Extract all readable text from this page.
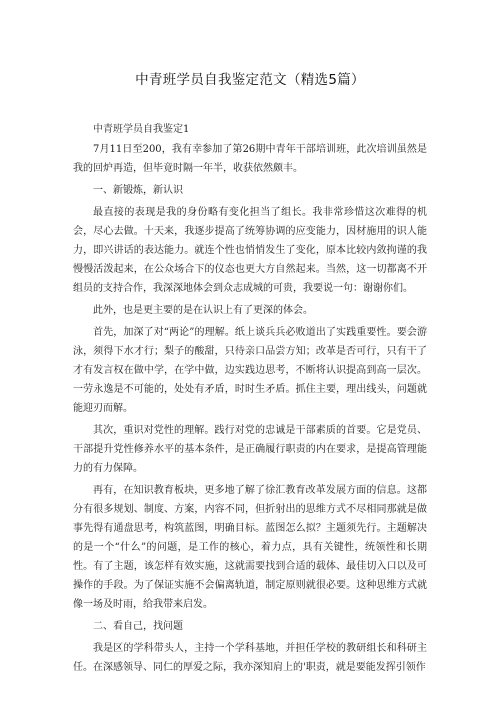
中青班学员自我鉴定范文（精选5篇）

中青班学员自我鉴定1

7月11日至200，我有幸参加了第26期中青年干部培训班，此次培训虽然是我的回炉再造，但毕竟时隔一年半，收获依然颇丰。

一、新锻炼，新认识

最直接的表现是我的身份略有变化担当了组长。我非常珍惜这次难得的机会，尽心去做。十天来，我逐步提高了统筹协调的应变能力，因材施用的识人能力，即兴讲话的表达能力。就连个性也悄悄发生了变化，原本比较内敛拘谨的我慢慢活泼起来，在公众场合下的仪态也更大方自然起来。当然，这一切都离不开组员的支持合作，我深深地体会到众志成城的可贵，我要说一句：谢谢你们。

此外，也是更主要的是在认识上有了更深的体会。

首先，加深了对“两论”的理解。纸上谈兵兵必败道出了实践重要性。要会游泳，须得下水才行；梨子的酸甜，只待亲口品尝方知；改革是否可行，只有干了才有发言权在做中学，在学中做，边实践边思考，不断将认识提高到高一层次。一劳永逸是不可能的，处处有矛盾，时时生矛盾。抓住主要，理出线头，问题就能迎刃而解。

其次，重识对党性的理解。践行对党的忠诚是干部素质的首要。它是党员、干部提升党性修养水平的基本条件，是正确履行职责的内在要求，是提高管理能力的有力保障。

再有，在知识教育板块，更多地了解了徐汇教育改革发展方面的信息。这都分有很多规划、制度、方案，内容不同，但折射出的思维方式不尽相同那就是做事先得有通盘思考，构筑蓝图，明确目标。蓝图怎么拟？主题须先行。主题解决的是一个“什么”的问题，是工作的核心，着力点，具有关键性，统领性和长期性。有了主题，该怎样有效实施，这就需要找到合适的载体、最佳切入口以及可操作的手段。为了保证实施不会偏离轨道，制定原则就很必要。这种思维方式就像一场及时雨，给我带来启发。

二、看自己，找问题

我是区的学科带头人，主持一个学科基地，并担任学校的教研组长和科研主任。在深感领导、同仁的厚爱之际，我亦深知肩上的'职责，就是要能发挥引领作
